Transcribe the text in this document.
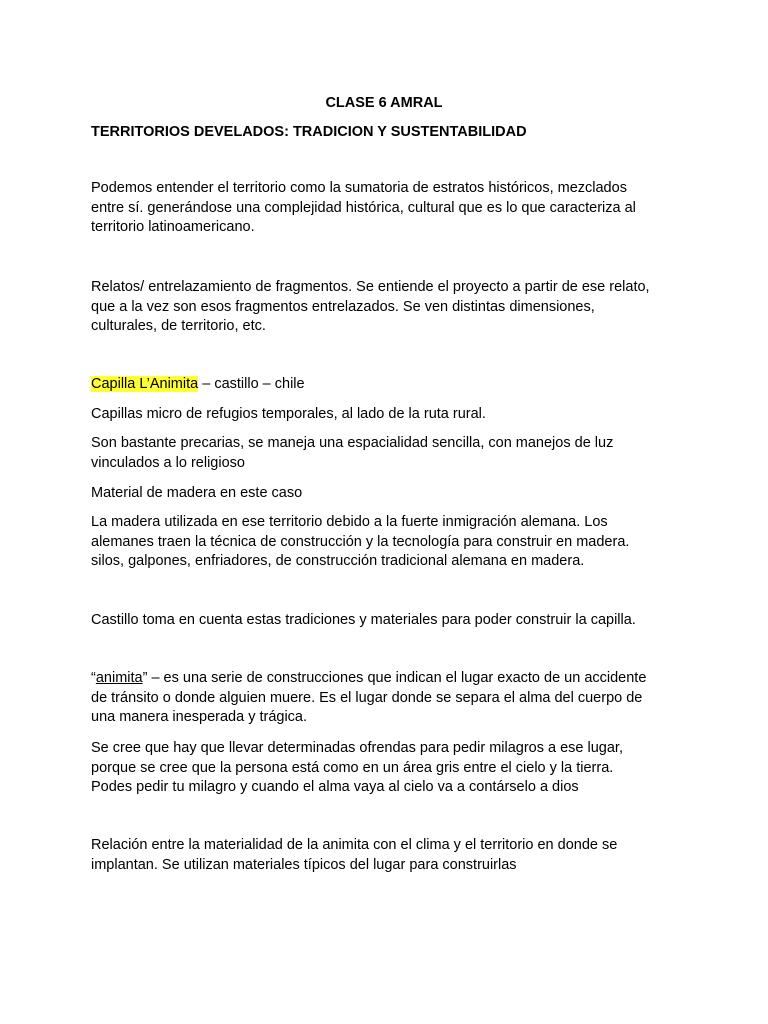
CLASE 6 AMRAL
TERRITORIOS DEVELADOS: TRADICION Y SUSTENTABILIDAD

Podemos entender el territorio como la sumatoria de estratos históricos, mezclados
entre sí. generándose una complejidad histórica, cultural que es lo que caracteriza al
territorio latinoamericano.

Relatos/ entrelazamiento de fragmentos. Se entiende el proyecto a partir de ese relato,
que a la vez son esos fragmentos entrelazados. Se ven distintas dimensiones,
culturales, de territorio, etc.

Capilla L’Animita – castillo – chile

Capillas micro de refugios temporales, al lado de la ruta rural.

Son bastante precarias, se maneja una espacialidad sencilla, con manejos de luz
vinculados a lo religioso

Material de madera en este caso

La madera utilizada en ese territorio debido a la fuerte inmigración alemana. Los
alemanes traen la técnica de construcción y la tecnología para construir en madera.
silos, galpones, enfriadores, de construcción tradicional alemana en madera.

Castillo toma en cuenta estas tradiciones y materiales para poder construir la capilla.

“animita” – es una serie de construcciones que indican el lugar exacto de un accidente
de tránsito o donde alguien muere. Es el lugar donde se separa el alma del cuerpo de
una manera inesperada y trágica.

Se cree que hay que llevar determinadas ofrendas para pedir milagros a ese lugar,
porque se cree que la persona está como en un área gris entre el cielo y la tierra.
Podes pedir tu milagro y cuando el alma vaya al cielo va a contárselo a dios

Relación entre la materialidad de la animita con el clima y el territorio en donde se
implantan. Se utilizan materiales típicos del lugar para construirlas
